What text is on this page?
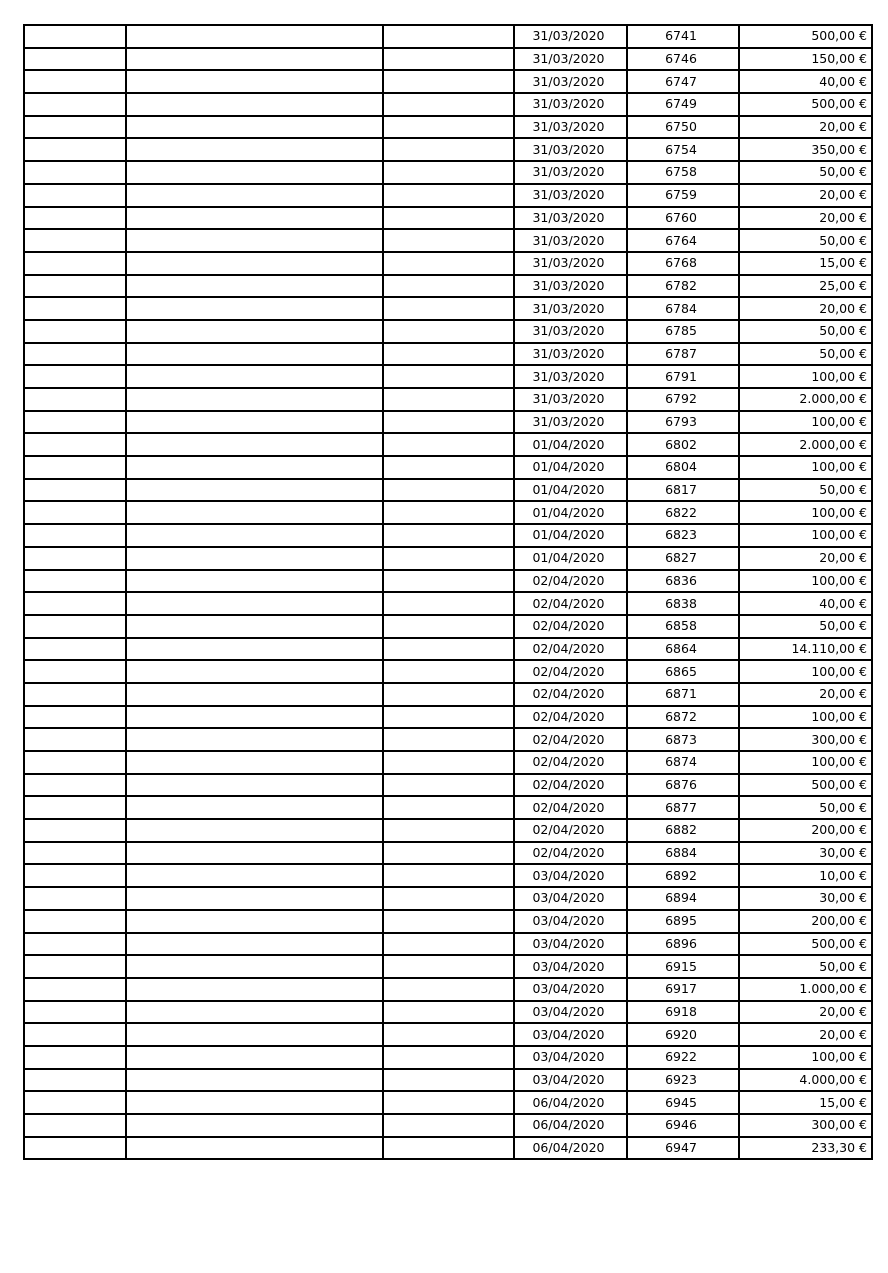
			31/03/2020	6741	500,00 €
			31/03/2020	6746	150,00 €
			31/03/2020	6747	40,00 €
			31/03/2020	6749	500,00 €
			31/03/2020	6750	20,00 €
			31/03/2020	6754	350,00 €
			31/03/2020	6758	50,00 €
			31/03/2020	6759	20,00 €
			31/03/2020	6760	20,00 €
			31/03/2020	6764	50,00 €
			31/03/2020	6768	15,00 €
			31/03/2020	6782	25,00 €
			31/03/2020	6784	20,00 €
			31/03/2020	6785	50,00 €
			31/03/2020	6787	50,00 €
			31/03/2020	6791	100,00 €
			31/03/2020	6792	2.000,00 €
			31/03/2020	6793	100,00 €
			01/04/2020	6802	2.000,00 €
			01/04/2020	6804	100,00 €
			01/04/2020	6817	50,00 €
			01/04/2020	6822	100,00 €
			01/04/2020	6823	100,00 €
			01/04/2020	6827	20,00 €
			02/04/2020	6836	100,00 €
			02/04/2020	6838	40,00 €
			02/04/2020	6858	50,00 €
			02/04/2020	6864	14.110,00 €
			02/04/2020	6865	100,00 €
			02/04/2020	6871	20,00 €
			02/04/2020	6872	100,00 €
			02/04/2020	6873	300,00 €
			02/04/2020	6874	100,00 €
			02/04/2020	6876	500,00 €
			02/04/2020	6877	50,00 €
			02/04/2020	6882	200,00 €
			02/04/2020	6884	30,00 €
			03/04/2020	6892	10,00 €
			03/04/2020	6894	30,00 €
			03/04/2020	6895	200,00 €
			03/04/2020	6896	500,00 €
			03/04/2020	6915	50,00 €
			03/04/2020	6917	1.000,00 €
			03/04/2020	6918	20,00 €
			03/04/2020	6920	20,00 €
			03/04/2020	6922	100,00 €
			03/04/2020	6923	4.000,00 €
			06/04/2020	6945	15,00 €
			06/04/2020	6946	300,00 €
			06/04/2020	6947	233,30 €
